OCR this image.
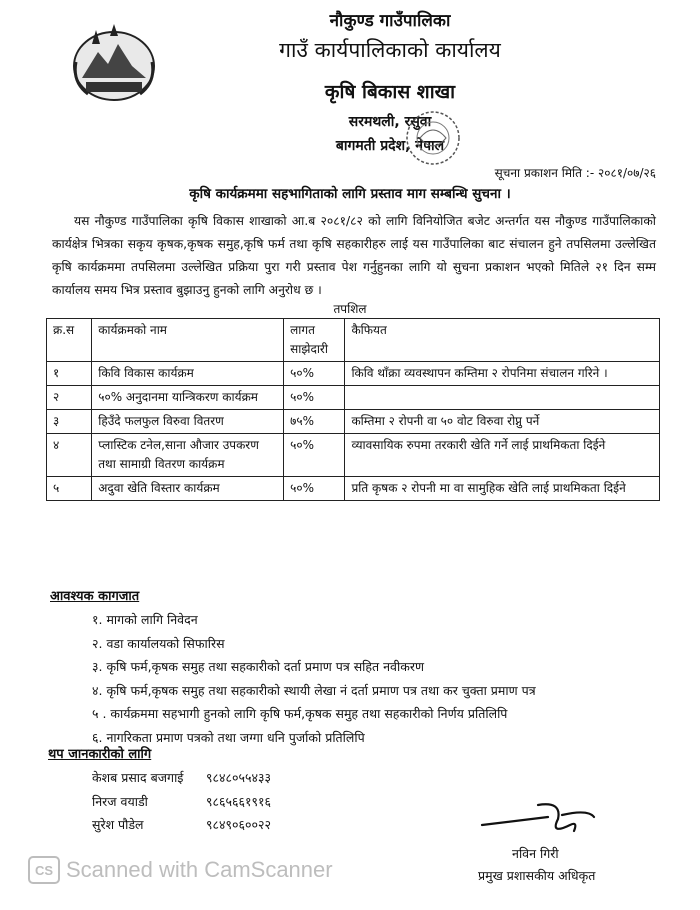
नौकुण्ड गाउँपालिका
गाउँ कार्यपालिकाको कार्यालय
कृषि बिकास शाखा
सरमथली, रसुवा
बागमती प्रदेश, नेपाल
सूचना प्रकाशन मिति :- २०८१/०७/२६
कृषि कार्यक्रममा सहभागिताको लागि प्रस्ताव माग सम्बन्धि सुचना ।

यस नौकुण्ड गाउँपालिका कृषि विकास शाखाको आ.ब २०८१/८२ को लागि विनियोजित बजेट अन्तर्गत यस नौकुण्ड गाउँपालिकाको कार्यक्षेत्र भित्रका सकृय कृषक,कृषक समुह,कृषि फर्म तथा कृषि सहकारीहरु लाई यस गाउँपालिका बाट संचालन हुने तपसिलमा उल्लेखित कृषि कार्यक्रममा तपसिलमा उल्लेखित प्रक्रिया पुरा गरी प्रस्ताव पेश गर्नुहुनका लागि यो सुचना प्रकाशन भएको मितिले २१ दिन सम्म कार्यालय समय भित्र प्रस्ताव बुझाउनु हुनको लागि अनुरोध छ ।

तपशिल
क्र.स	कार्यक्रमको नाम	लागत साझेदारी	कैफियत
१	किवि विकास कार्यक्रम	५०%	किवि थाँक्रा व्यवस्थापन कम्तिमा २ रोपनिमा संचालन गरिने ।
२	५०% अनुदानमा यान्त्रिकरण कार्यक्रम	५०%	
३	हिउँदे फलफुल विरुवा वितरण	७५%	कम्तिमा २ रोपनी वा ५० वोट विरुवा रोप्नु पर्ने
४	प्लास्टिक टनेल,साना औजार उपकरण तथा सामाग्री वितरण कार्यक्रम	५०%	व्यावसायिक रुपमा तरकारी खेति गर्ने लाई प्राथमिकता दिईने
५	अदुवा खेति विस्तार कार्यक्रम	५०%	प्रति कृषक २ रोपनी मा वा सामुहिक खेति लाई प्राथमिकता दिईने
आवश्यक कागजात
१. मागको लागि निवेदन
२. वडा कार्यालयको सिफारिस
३. कृषि फर्म,कृषक समुह तथा सहकारीको दर्ता प्रमाण पत्र सहित नवीकरण
४. कृषि फर्म,कृषक समुह तथा सहकारीको स्थायी लेखा नं दर्ता प्रमाण पत्र तथा कर चुक्ता प्रमाण पत्र
५ . कार्यक्रममा सहभागी हुनको लागि कृषि फर्म,कृषक समुह तथा सहकारीको निर्णय प्रतिलिपि
६. नागरिकता प्रमाण पत्रको तथा जग्गा धनि पुर्जाको प्रतिलिपि
थप जानकारीको लागि
केशब प्रसाद बजगाई	९८४८०५५४३३
निरज वयाडी	९८६५६६१९१६
सुरेश पौडेल	९८४९०६००२२
नविन गिरी
प्रमुख प्रशासकीय अधिकृत
CS Scanned with CamScanner
